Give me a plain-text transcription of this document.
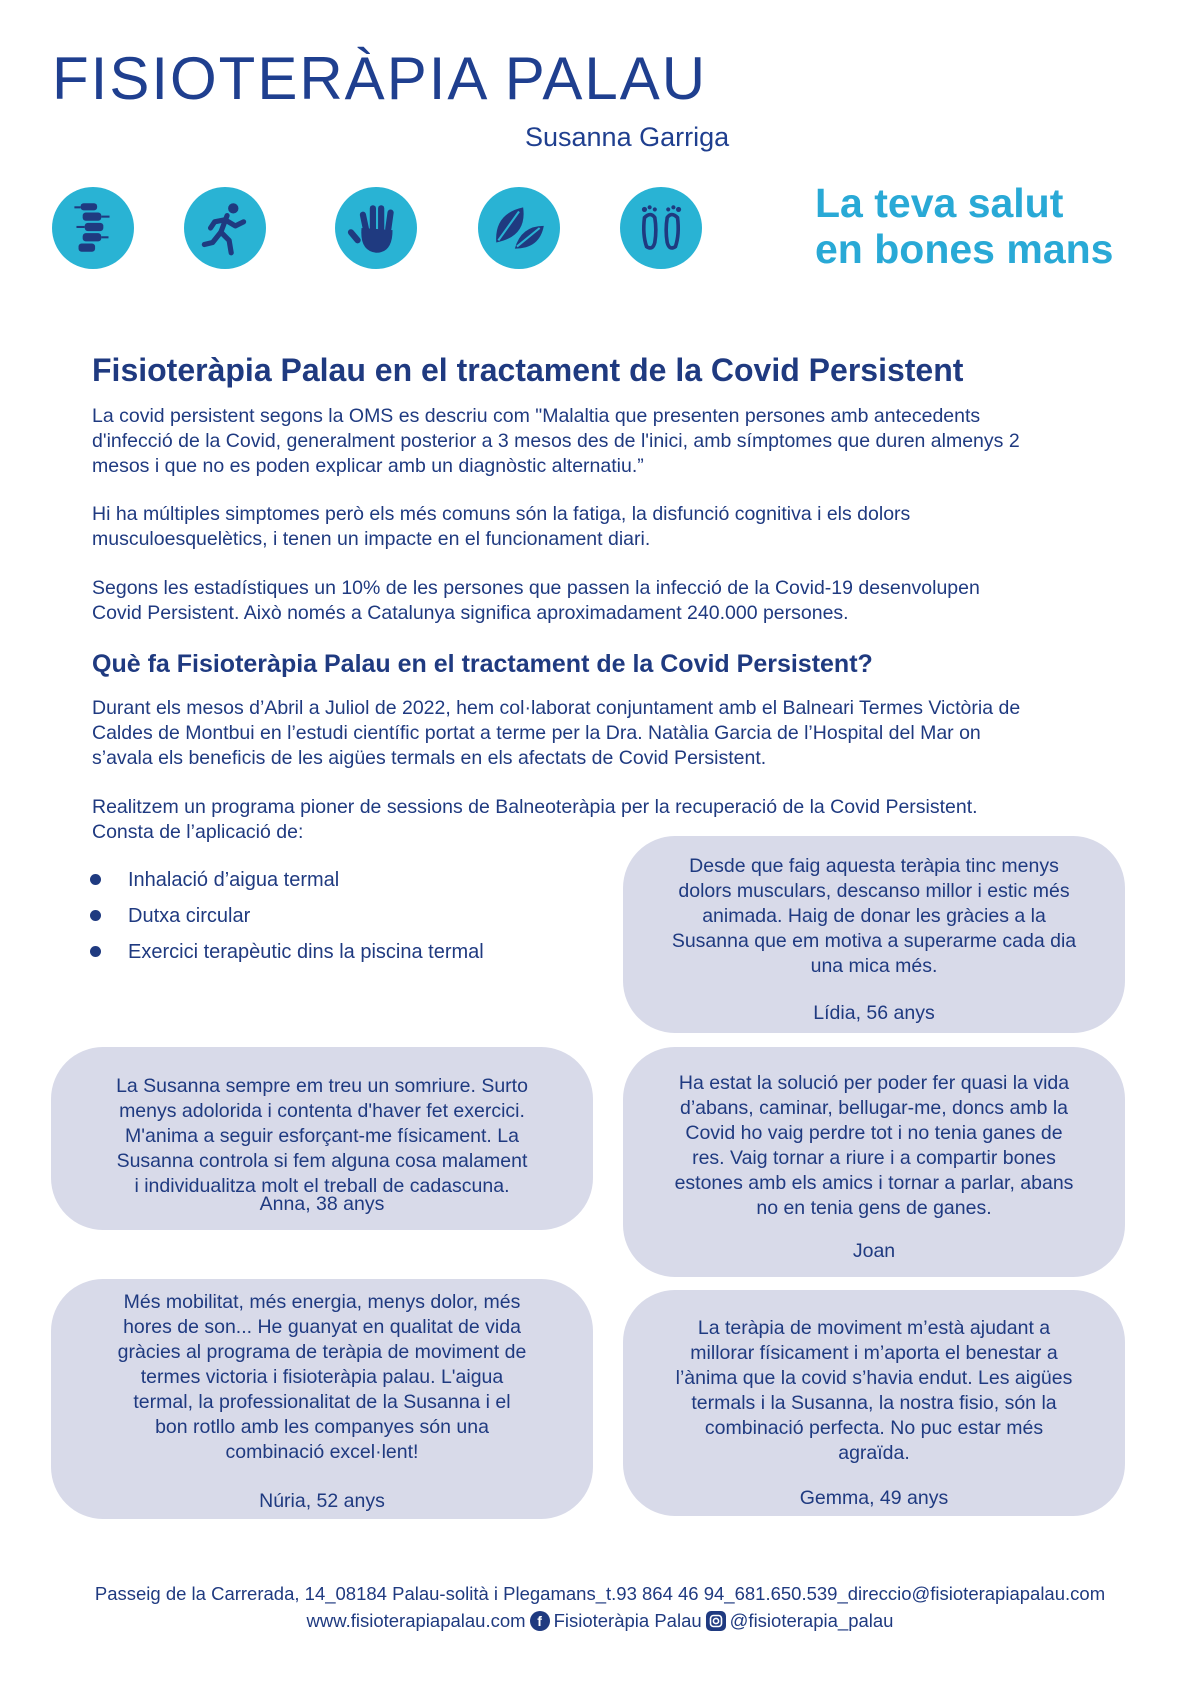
FISIOTERÀPIA PALAU
Susanna Garriga
La teva salut
en bones mans
Fisioteràpia Palau en el tractament de la Covid Persistent

La covid persistent segons la OMS es descriu com "Malaltia que presenten persones amb antecedents
d'infecció de la Covid, generalment posterior a 3 mesos des de l'inici, amb símptomes que duren almenys 2
mesos i que no es poden explicar amb un diagnòstic alternatiu.”

Hi ha múltiples simptomes però els més comuns són la fatiga, la disfunció cognitiva i els dolors
musculoesquelètics, i tenen un impacte en el funcionament diari.

Segons les estadístiques un 10% de les persones que passen la infecció de la Covid-19 desenvolupen
Covid Persistent. Això només a Catalunya significa aproximadament 240.000 persones.

Què fa Fisioteràpia Palau en el tractament de la Covid Persistent?

Durant els mesos d’Abril a Juliol de 2022, hem col·laborat conjuntament amb el Balneari Termes Victòria de
Caldes de Montbui en l’estudi científic portat a terme per la Dra. Natàlia Garcia de l’Hospital del Mar on
s’avala els beneficis de les aigües termals en els afectats de Covid Persistent.

Realitzem un programa pioner de sessions de Balneoteràpia per la recuperació de la Covid Persistent.
Consta de l’aplicació de:

Inhalació d’aigua termal
Dutxa circular
Exercici terapèutic dins la piscina termal
Desde que faig aquesta teràpia tinc menys
dolors musculars, descanso millor i estic més
animada. Haig de donar les gràcies a la
Susanna que em motiva a superarme cada dia
una mica més.
Lídia, 56 anys
La Susanna sempre em treu un somriure. Surto
menys adolorida i contenta d'haver fet exercici.
M'anima a seguir esforçant-me físicament. La
Susanna controla si fem alguna cosa malament
i individualitza molt el treball de cadascuna.
Anna, 38 anys
Ha estat la solució per poder fer quasi la vida
d’abans, caminar, bellugar-me, doncs amb la
Covid ho vaig perdre tot i no tenia ganes de
res. Vaig tornar a riure i a compartir bones
estones amb els amics i tornar a parlar, abans
no en tenia gens de ganes.
Joan
Més mobilitat, més energia, menys dolor, més
hores de son... He guanyat en qualitat de vida
gràcies al programa de teràpia de moviment de
termes victoria i fisioteràpia palau. L'aigua
termal, la professionalitat de la Susanna i el
bon rotllo amb les companyes són una
combinació excel·lent!
Núria, 52 anys
La teràpia de moviment m’està ajudant a
millorar físicament i m’aporta el benestar a
l’ànima que la covid s’havia endut. Les aigües
termals i la Susanna, la nostra fisio, són la
combinació perfecta. No puc estar més
agraïda.
Gemma, 49 anys
Passeig de la Carrerada, 14_08184 Palau-solità i Plegamans_t.93 864 46 94_681.650.539_direccio@fisioterapiapalau.com
www.fisioterapiapalau.com f Fisioteràpia Palau @fisioterapia_palau
